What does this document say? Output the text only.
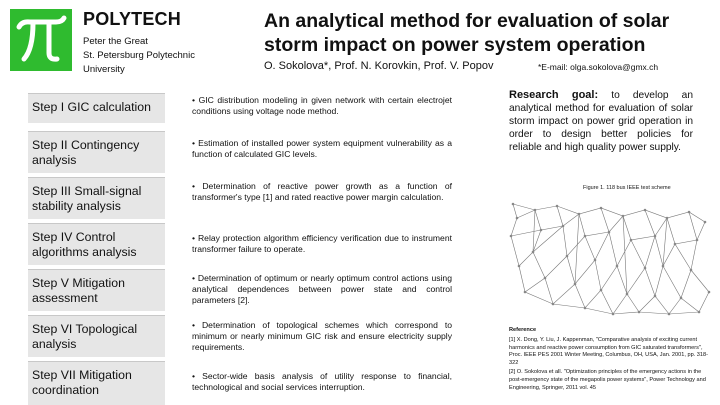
POLYTECH
Peter the Great
St. Petersburg Polytechnic
University
An analytical method for evaluation of solar storm impact on power system operation
O. Sokolova*, Prof. N. Korovkin, Prof. V. Popov	*E-mail: olga.sokolova@gmx.ch
Step I GIC calculation
Step II Contingency analysis
Step III Small-signal stability analysis
Step IV Control algorithms analysis
Step V Mitigation assessment
Step VI Topological analysis
Step VII Mitigation coordination
• GIC distribution modeling in given network with certain electrojet conditions using voltage node method.
• Estimation of installed power system equipment vulnerability as a function of calculated GIC levels.
• Determination of reactive power growth as a function of transformer's type [1] and rated reactive power margin calculation.
• Relay protection algorithm efficiency verification due to instrument transformer failure to operate.
• Determination of optimum or nearly optimum control actions using analytical dependences between power state and control parameters [2].
• Determination of topological schemes which correspond to minimum or nearly minimum GIC risk and ensure electricity supply requirements.
• Sector-wide basis analysis of utility response to financial, technological and social services interruption.
Research goal: to develop an analytical method for evaluation of solar storm impact on power grid operation in order to design better policies for reliable and high quality power supply.
Figure 1. 118 bus IEEE test scheme
Reference

[1] X. Dong, Y. Liu, J. Kappenman, "Comparative analysis of exciting current harmonics and reactive power consumption from GIC saturated transformers", Proc. IEEE PES 2001 Winter Meeting, Columbus, OH, USA, Jan. 2001, pp. 318-322

[2] O. Sokolova et all. "Optimization principles of the emergency actions in the post-emergency state of the megapolis power systems", Power Technology and Engineering, Springer, 2011 vol. 45
